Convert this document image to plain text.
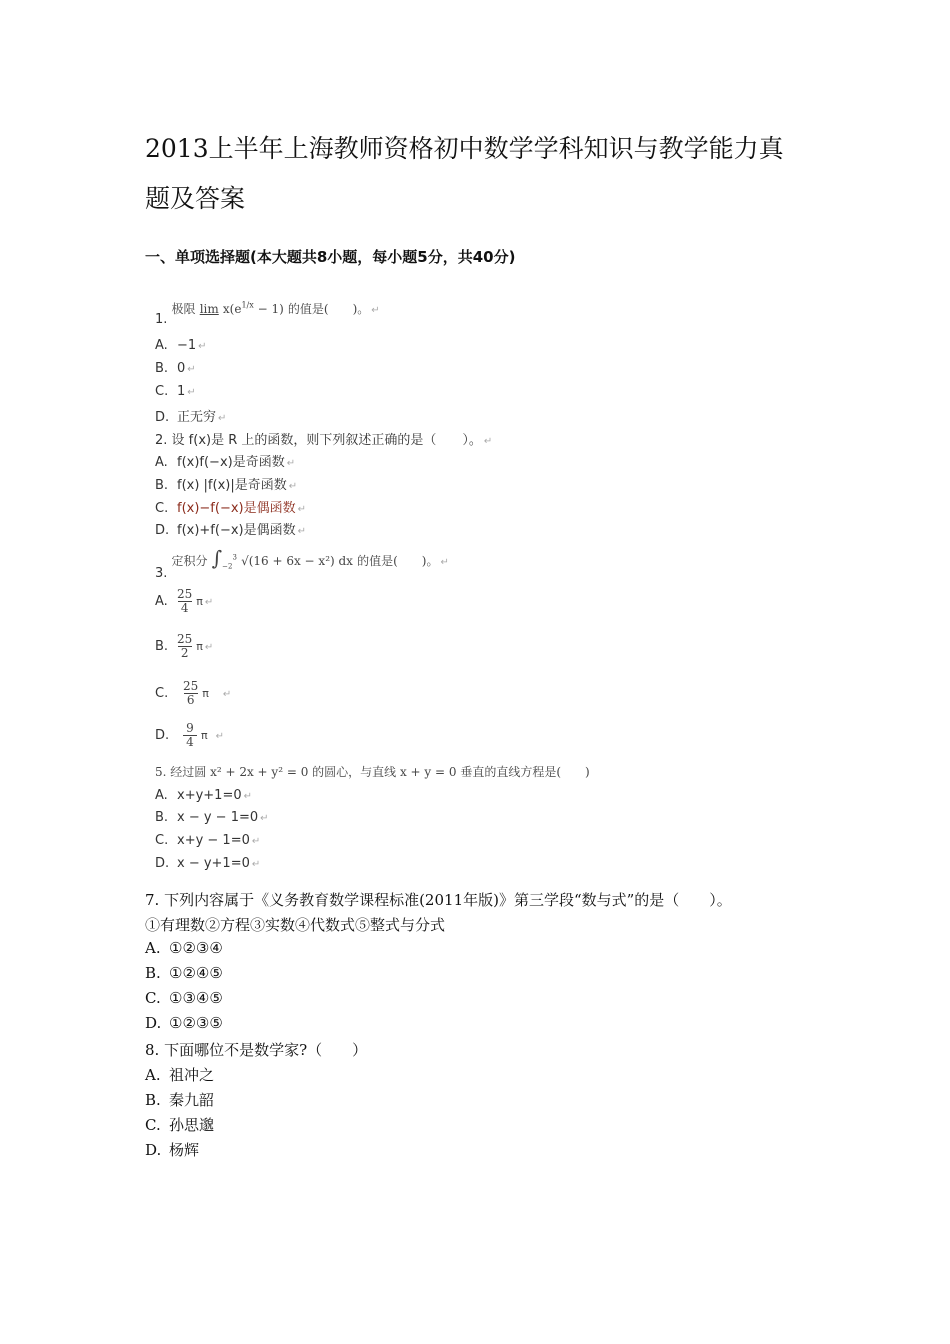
2013上半年上海教师资格初中数学学科知识与教学能力真
题及答案
一、单项选择题(本大题共8小题，每小题5分，共40分)
1. 极限 $\lim x(e^{1/x} - 1)$ 的值是(　　)。 ↵
A. −1 ↵
B. 0 ↵
C. 1 ↵
D. 正无穷 ↵
2. 设 f(x)是 R 上的函数，则下列叙述正确的是（　　）。 ↵
A. f(x)f(−x)是奇函数 ↵
B. f(x) |f(x)|是奇函数 ↵
C. f(x)−f(−x)是偶函数 ↵
D. f(x)+f(−x)是偶函数 ↵
3. 定积分 $\int_{-2}^3$ √(16 + 6x − x²) dx 的值是(　　)。 ↵
A. $\frac{25}{4}$ π ↵
B. $\frac{25}{2}$ π ↵
C. $\frac{25}{6}$ π ↵
D. $\frac{9}{4}$ π ↵
5. 经过圆 x² + 2x + y² = 0 的圆心，与直线 x + y = 0 垂直的直线方程是(　　)
A. x+y+1=0 ↵
B. x − y − 1=0 ↵
C. x+y − 1=0 ↵
D. x − y+1=0 ↵
7. 下列内容属于《义务教育数学课程标准(2011年版)》第三学段“数与式”的是（　　）。
①有理数②方程③实数④代数式⑤整式与分式
A. ①②③④
B. ①②④⑤
C. ①③④⑤
D. ①②③⑤
8. 下面哪位不是数学家?（　　）
A. 祖冲之
B. 秦九韶
C. 孙思邈
D. 杨辉
